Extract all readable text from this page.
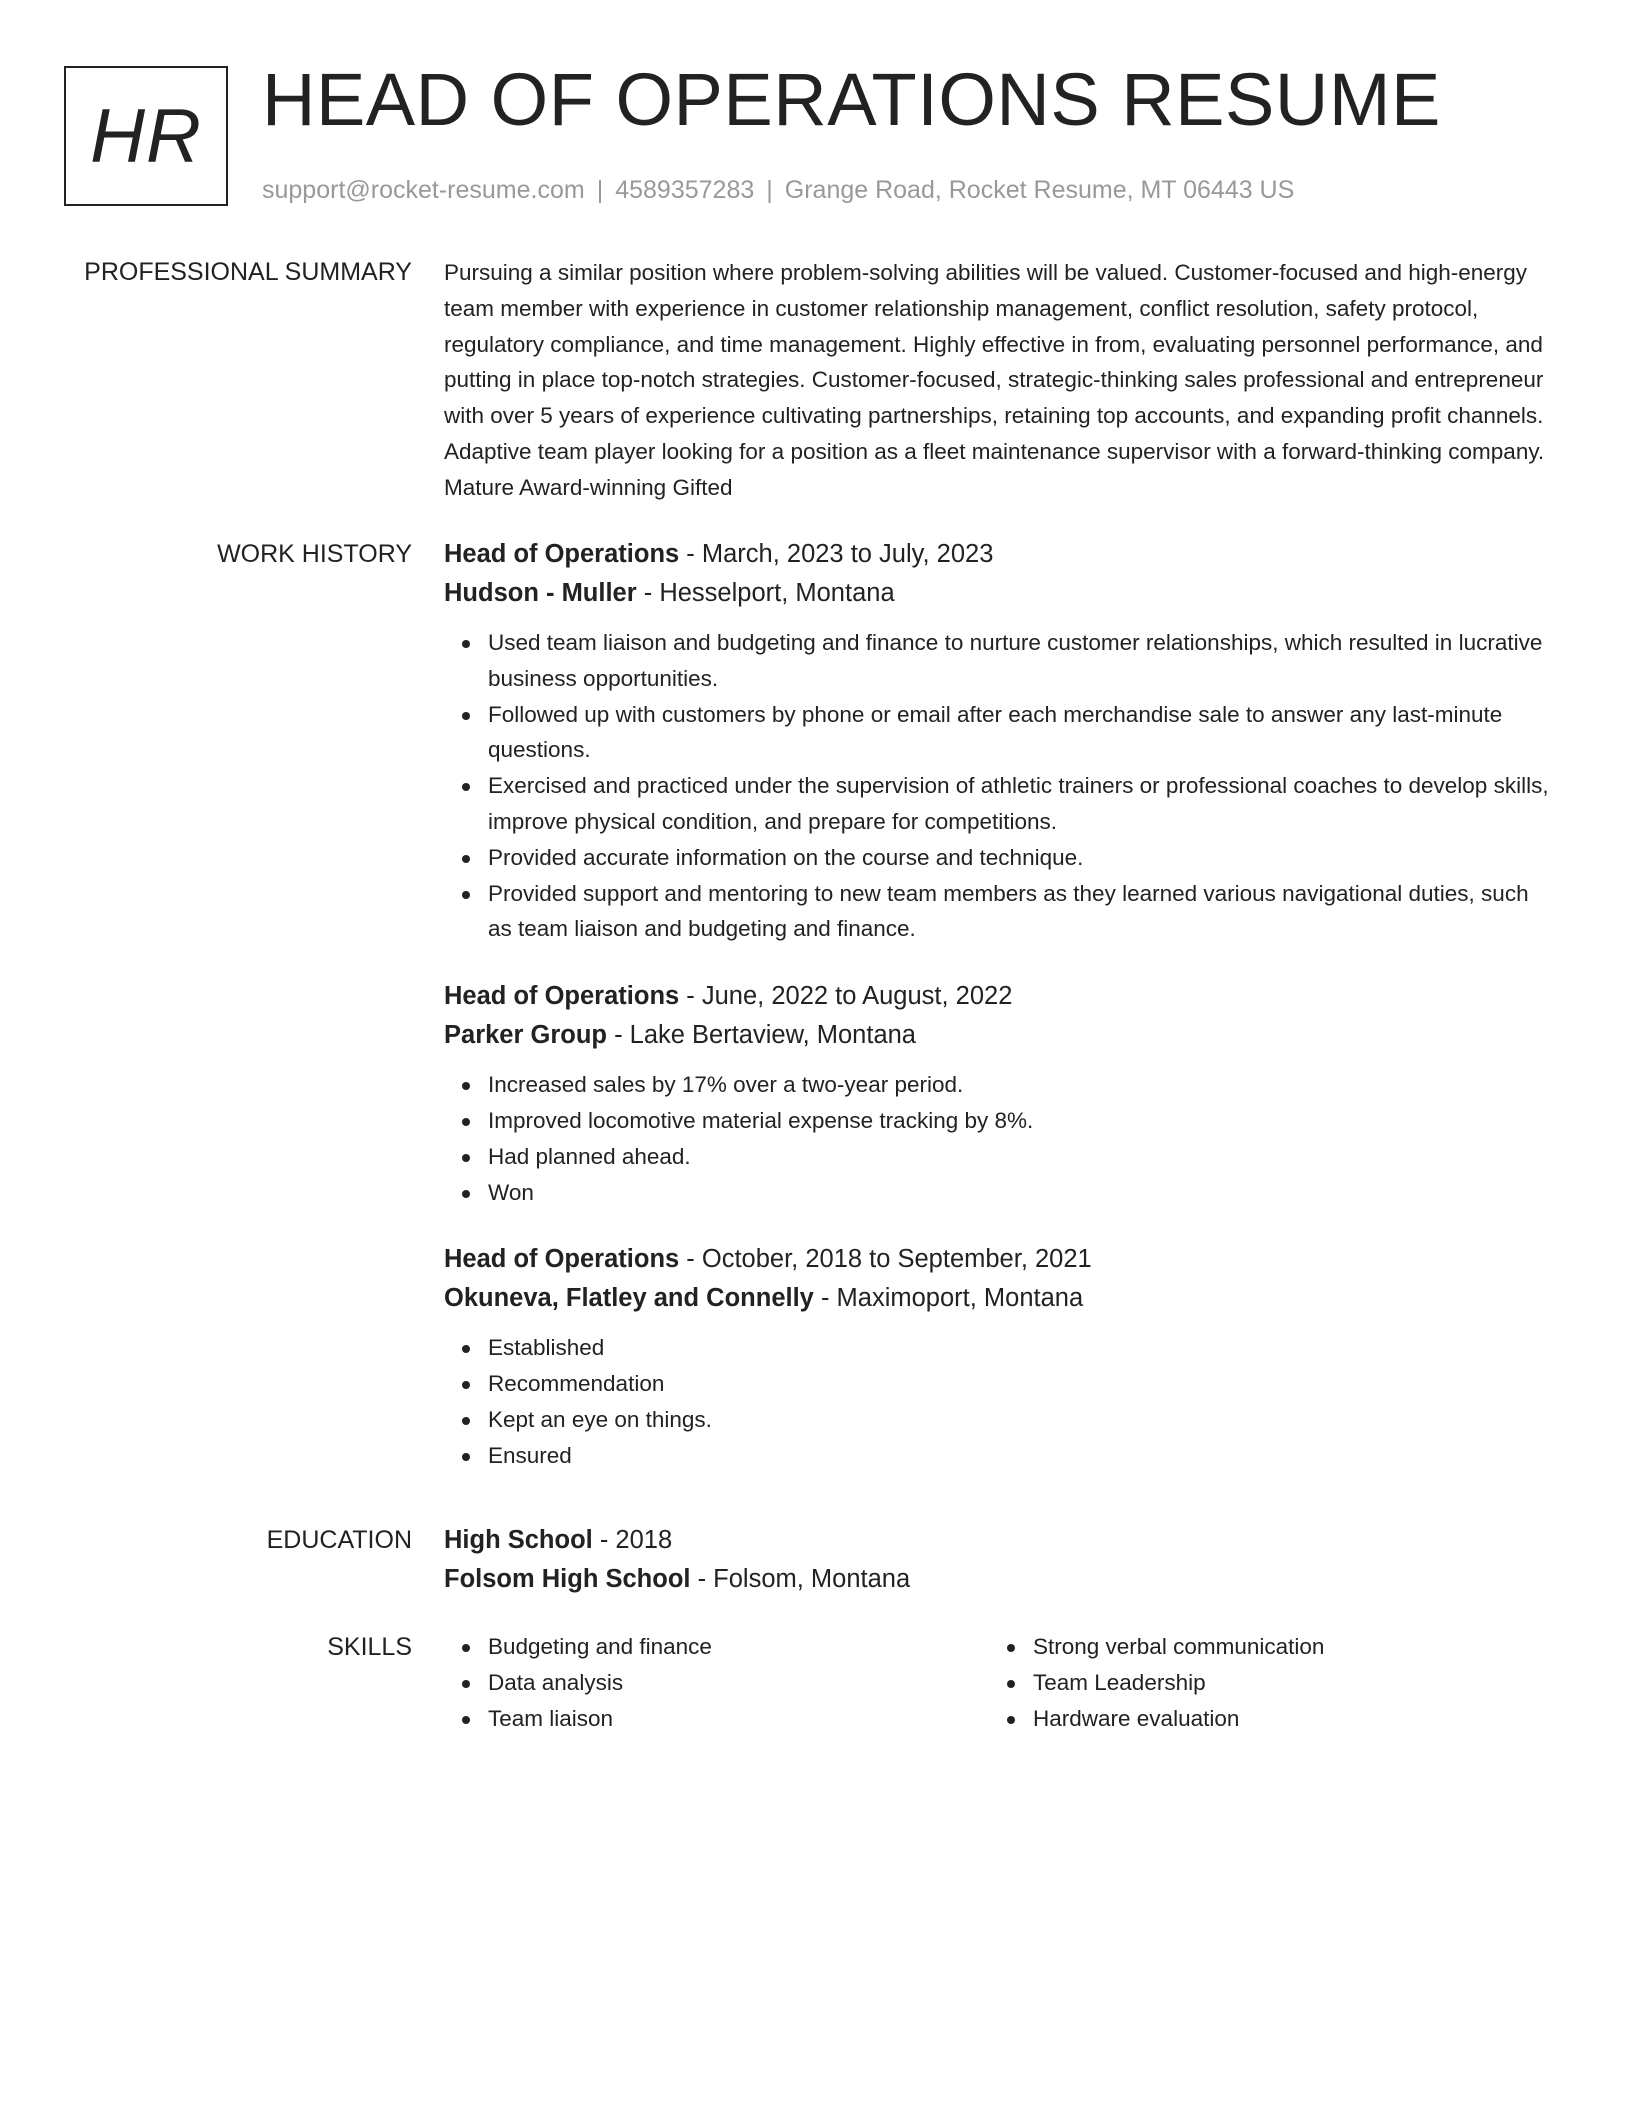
HR HEAD OF OPERATIONS RESUME
support@rocket-resume.com | 4589357283 | Grange Road, Rocket Resume, MT 06443 US
PROFESSIONAL SUMMARY Pursuing a similar position where problem-solving abilities will be valued. Customer-focused and high-energy team member with experience in customer relationship management, conflict resolution, safety protocol, regulatory compliance, and time management. Highly effective in from, evaluating personnel performance, and putting in place top-notch strategies. Customer-focused, strategic-thinking sales professional and entrepreneur with over 5 years of experience cultivating partnerships, retaining top accounts, and expanding profit channels. Adaptive team player looking for a position as a fleet maintenance supervisor with a forward-thinking company. Mature Award-winning Gifted

WORK HISTORY Head of Operations - March, 2023 to July, 2023
Hudson - Muller - Hesselport, Montana
Used team liaison and budgeting and finance to nurture customer relationships, which resulted in lucrative business opportunities.
Followed up with customers by phone or email after each merchandise sale to answer any last-minute questions.
Exercised and practiced under the supervision of athletic trainers or professional coaches to develop skills, improve physical condition, and prepare for competitions.
Provided accurate information on the course and technique.
Provided support and mentoring to new team members as they learned various navigational duties, such as team liaison and budgeting and finance.
Head of Operations - June, 2022 to August, 2022
Parker Group - Lake Bertaview, Montana
Increased sales by 17% over a two-year period.
Improved locomotive material expense tracking by 8%.
Had planned ahead.
Won
Head of Operations - October, 2018 to September, 2021
Okuneva, Flatley and Connelly - Maximoport, Montana
Established
Recommendation
Kept an eye on things.
Ensured
EDUCATION High School - 2018
Folsom High School - Folsom, Montana
SKILLS	Budgeting and finance
Data analysis
Team liaison
Strong verbal communication
Team Leadership
Hardware evaluation
